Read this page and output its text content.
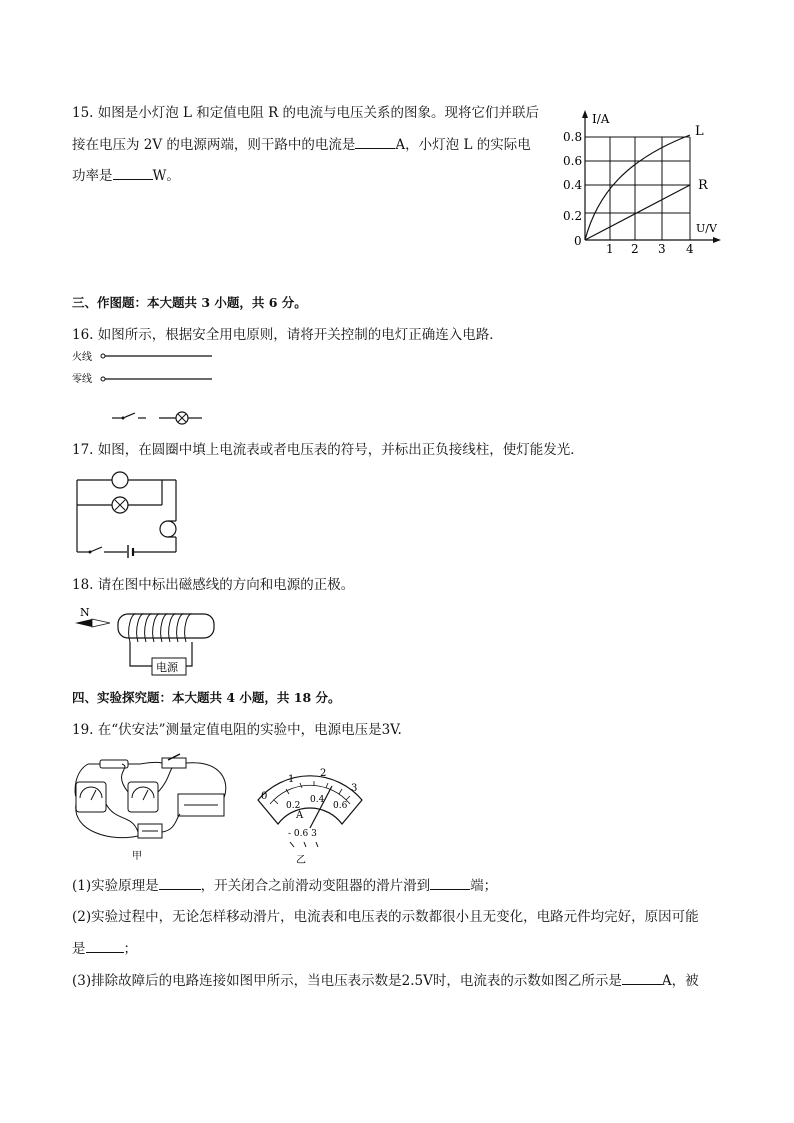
15. 如图是小灯泡 L 和定值电阻 R 的电流与电压关系的图象。现将它们并联后
接在电压为 2V 的电源两端，则干路中的电流是	A，小灯泡 L 的实际电
功率是	W。
I/A
U/V
0
0.8
0.6
0.4
0.2
1 2 3 4
L
R
三、作图题：本大题共 3 小题，共 6 分。
16. 如图所示，根据安全用电原则，请将开关控制的电灯正确连入电路．
火线
零线
17. 如图，在圆圈中填上电流表或者电压表的符号，并标出正负接线柱，使灯能发光．
18. 请在图中标出磁感线的方向和电源的正极。
N
电源
四、实验探究题：本大题共 4 小题，共 18 分。
19. 在“伏安法”测量定值电阻的实验中，电源电压是3V.
甲
0
1
2
3
0.2
0.4
0.6
A
- 0.6 3
乙
(1)实验原理是	，开关闭合之前滑动变阻器的滑片滑到	端；
(2)实验过程中，无论怎样移动滑片，电流表和电压表的示数都很小且无变化，电路元件均完好，原因可能
是	；
(3)排除故障后的电路连接如图甲所示，当电压表示数是2.5V时，电流表的示数如图乙所示是	A，被
